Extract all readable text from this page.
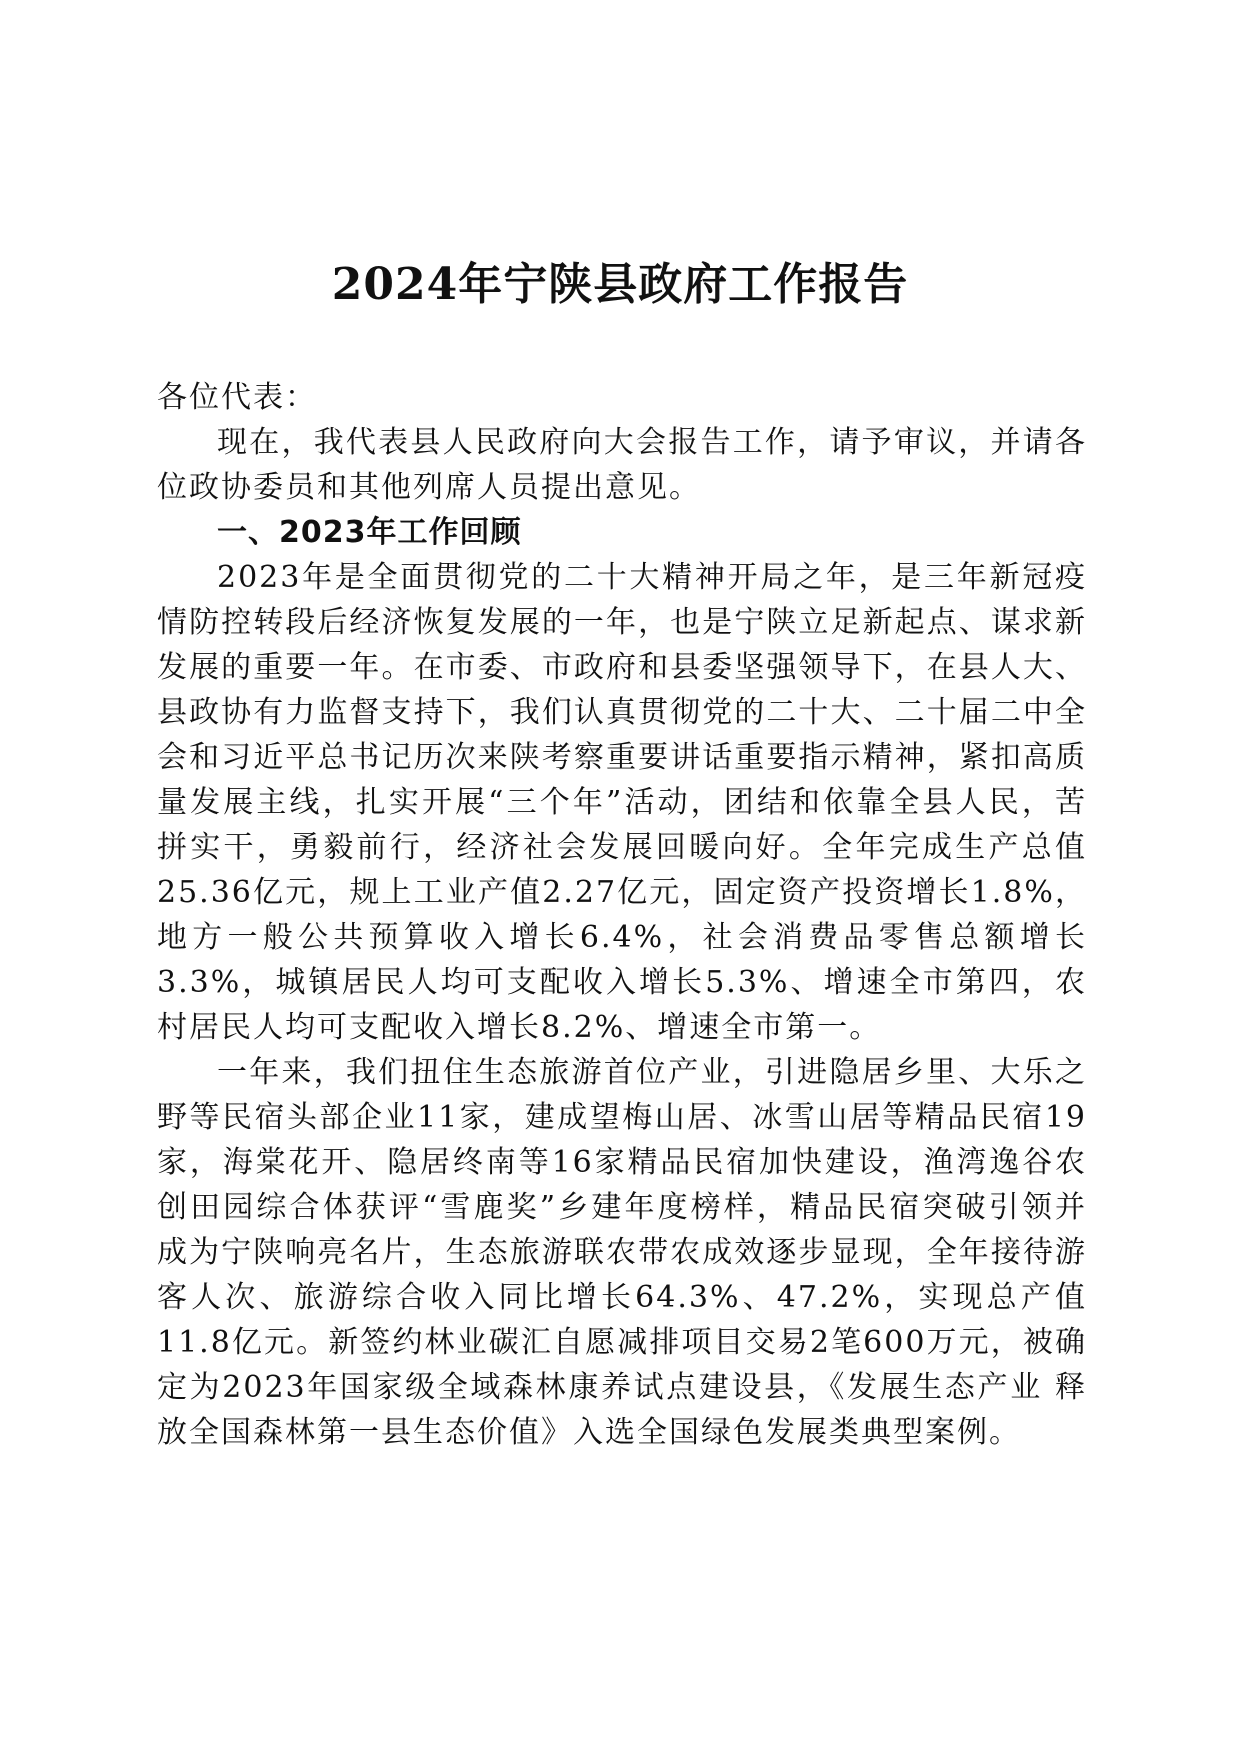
2024年宁陕县政府工作报告

各位代表：

现在，我代表县人民政府向大会报告工作，请予审议，并请各位政协委员和其他列席人员提出意见。

一、2023年工作回顾

2023年是全面贯彻党的二十大精神开局之年，是三年新冠疫情防控转段后经济恢复发展的一年，也是宁陕立足新起点、谋求新发展的重要一年。在市委、市政府和县委坚强领导下，在县人大、县政协有力监督支持下，我们认真贯彻党的二十大、二十届二中全会和习近平总书记历次来陕考察重要讲话重要指示精神，紧扣高质量发展主线，扎实开展“三个年”活动，团结和依靠全县人民，苦拼实干，勇毅前行，经济社会发展回暖向好。全年完成生产总值25.36亿元，规上工业产值2.27亿元，固定资产投资增长1.8%，地方一般公共预算收入增长6.4%，社会消费品零售总额增长3.3%，城镇居民人均可支配收入增长5.3%、增速全市第四，农村居民人均可支配收入增长8.2%、增速全市第一。

一年来，我们扭住生态旅游首位产业，引进隐居乡里、大乐之野等民宿头部企业11家，建成望梅山居、冰雪山居等精品民宿19家，海棠花开、隐居终南等16家精品民宿加快建设，渔湾逸谷农创田园综合体获评“雪鹿奖”乡建年度榜样，精品民宿突破引领并成为宁陕响亮名片，生态旅游联农带农成效逐步显现，全年接待游客人次、旅游综合收入同比增长64.3%、47.2%，实现总产值11.8亿元。新签约林业碳汇自愿减排项目交易2笔600万元，被确定为2023年国家级全域森林康养试点建设县，《发展生态产业 释放全国森林第一县生态价值》入选全国绿色发展类典型案例。
